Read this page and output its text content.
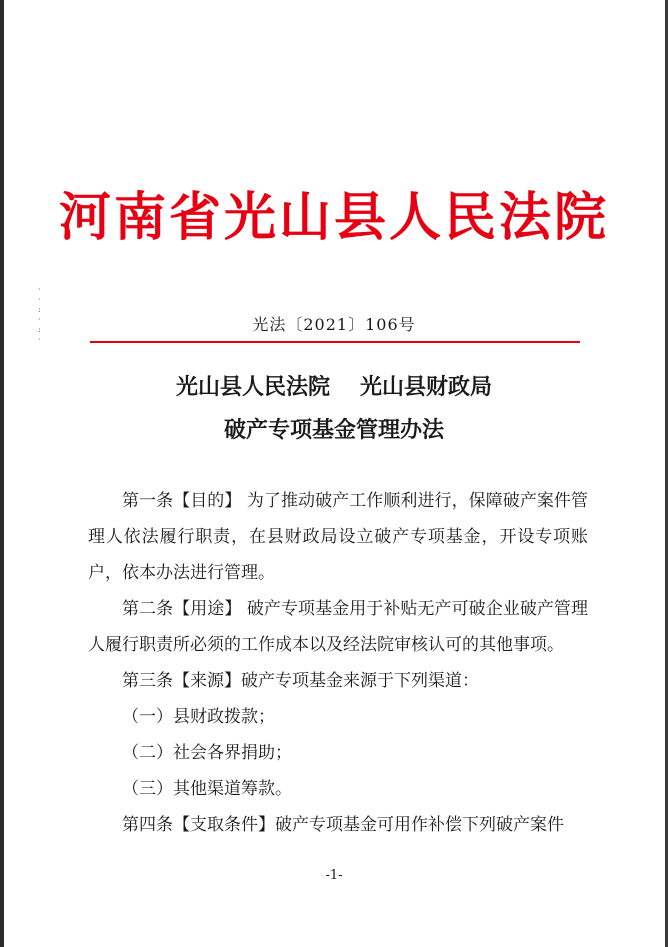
· ·
:
·
: ·
河南省光山县人民法院
光法〔2021〕106号
光山县人民法院 光山县财政局
破产专项基金管理办法

第一条【目的】 为了推动破产工作顺利进行，保障破产案件管理人依法履行职责，在县财政局设立破产专项基金，开设专项账户，依本办法进行管理。

第二条【用途】 破产专项基金用于补贴无产可破企业破产管理人履行职责所必须的工作成本以及经法院审核认可的其他事项。

第三条【来源】破产专项基金来源于下列渠道：

（一）县财政拨款；

（二）社会各界捐助；

（三）其他渠道筹款。

第四条【支取条件】破产专项基金可用作补偿下列破产案件

-1-
